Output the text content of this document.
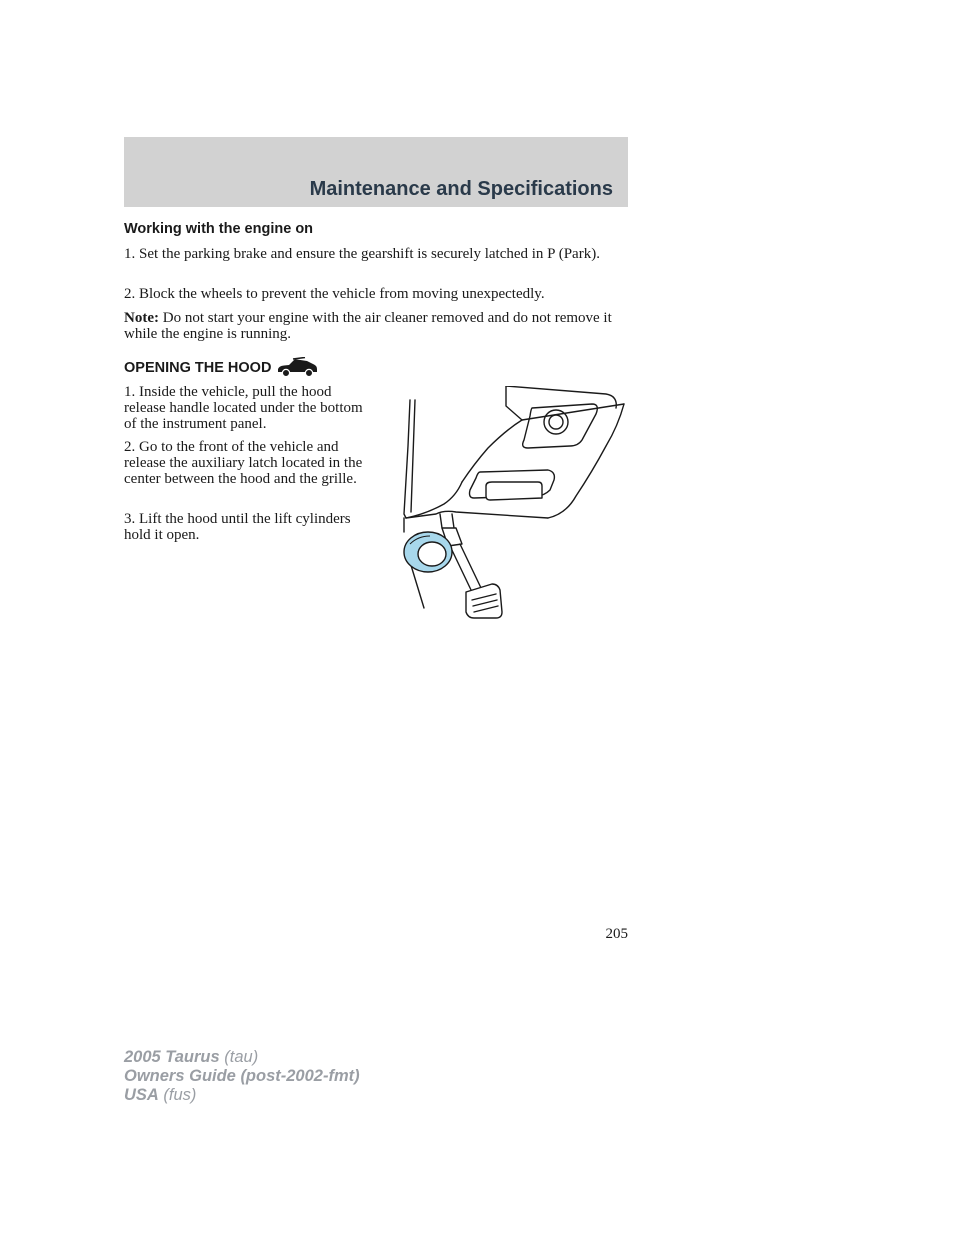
Maintenance and Specifications
Working with the engine on

1. Set the parking brake and ensure the gearshift is securely latched in P (Park).

2. Block the wheels to prevent the vehicle from moving unexpectedly.

Note: Do not start your engine with the air cleaner removed and do not remove it while the engine is running.

OPENING THE HOOD

1. Inside the vehicle, pull the hood release handle located under the bottom of the instrument panel.

2. Go to the front of the vehicle and release the auxiliary latch located in the center between the hood and the grille.

3. Lift the hood until the lift cylinders hold it open.

205

2005 Taurus (tau)
Owners Guide (post-2002-fmt)
USA (fus)
